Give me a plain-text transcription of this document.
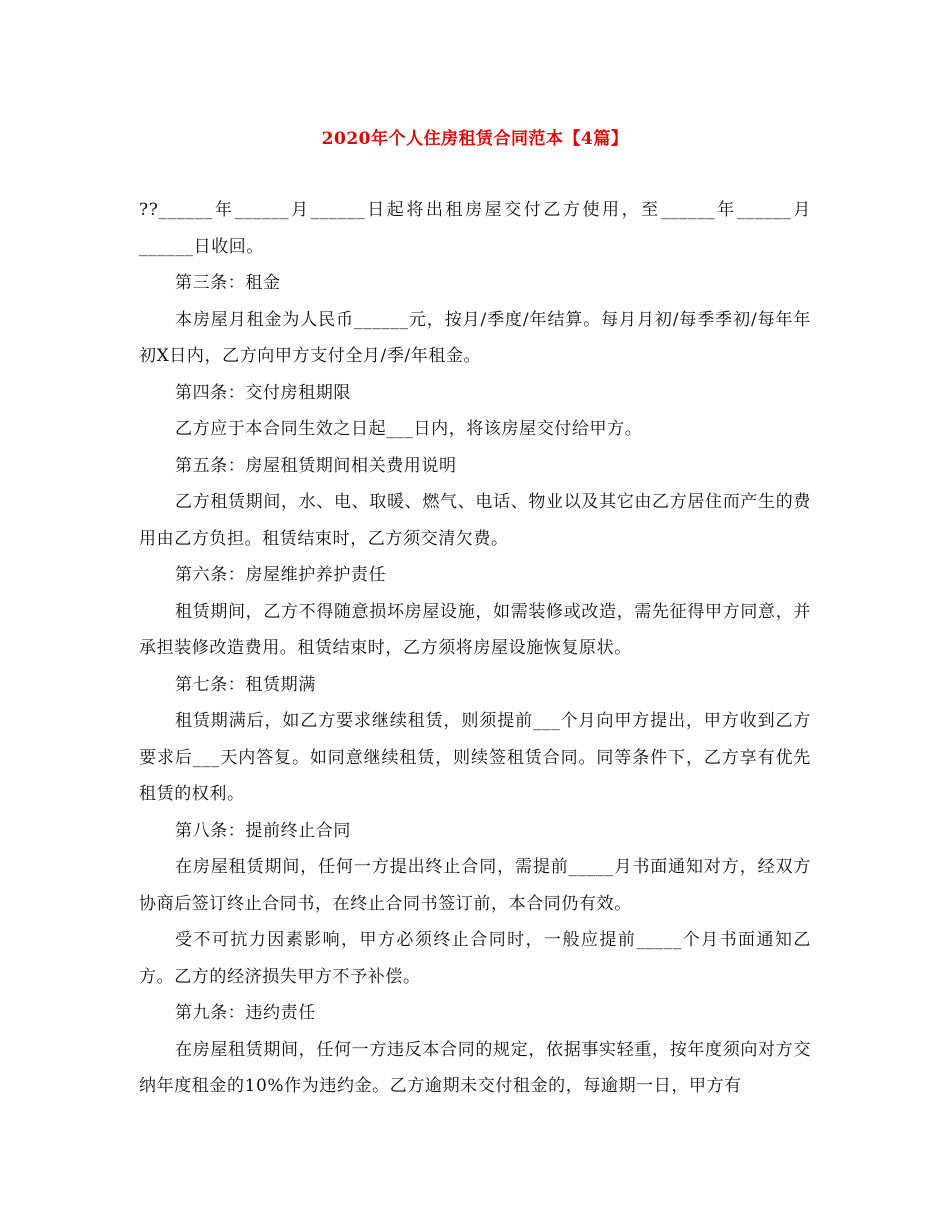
2020年个人住房租赁合同范本【4篇】

??______年______月______日起将出租房屋交付乙方使用，至______年______月______日收回。

第三条：租金

本房屋月租金为人民币______元，按月/季度/年结算。每月月初/每季季初/每年年初X日内，乙方向甲方支付全月/季/年租金。

第四条：交付房租期限

乙方应于本合同生效之日起___日内，将该房屋交付给甲方。

第五条：房屋租赁期间相关费用说明

乙方租赁期间，水、电、取暖、燃气、电话、物业以及其它由乙方居住而产生的费用由乙方负担。租赁结束时，乙方须交清欠费。

第六条：房屋维护养护责任

租赁期间，乙方不得随意损坏房屋设施，如需装修或改造，需先征得甲方同意，并承担装修改造费用。租赁结束时，乙方须将房屋设施恢复原状。

第七条：租赁期满

租赁期满后，如乙方要求继续租赁，则须提前___个月向甲方提出，甲方收到乙方要求后___天内答复。如同意继续租赁，则续签租赁合同。同等条件下，乙方享有优先租赁的权利。

第八条：提前终止合同

在房屋租赁期间，任何一方提出终止合同，需提前_____月书面通知对方，经双方协商后签订终止合同书，在终止合同书签订前，本合同仍有效。

受不可抗力因素影响，甲方必须终止合同时，一般应提前_____个月书面通知乙方。乙方的经济损失甲方不予补偿。

第九条：违约责任

在房屋租赁期间，任何一方违反本合同的规定，依据事实轻重，按年度须向对方交纳年度租金的10%作为违约金。乙方逾期未交付租金的，每逾期一日，甲方有
